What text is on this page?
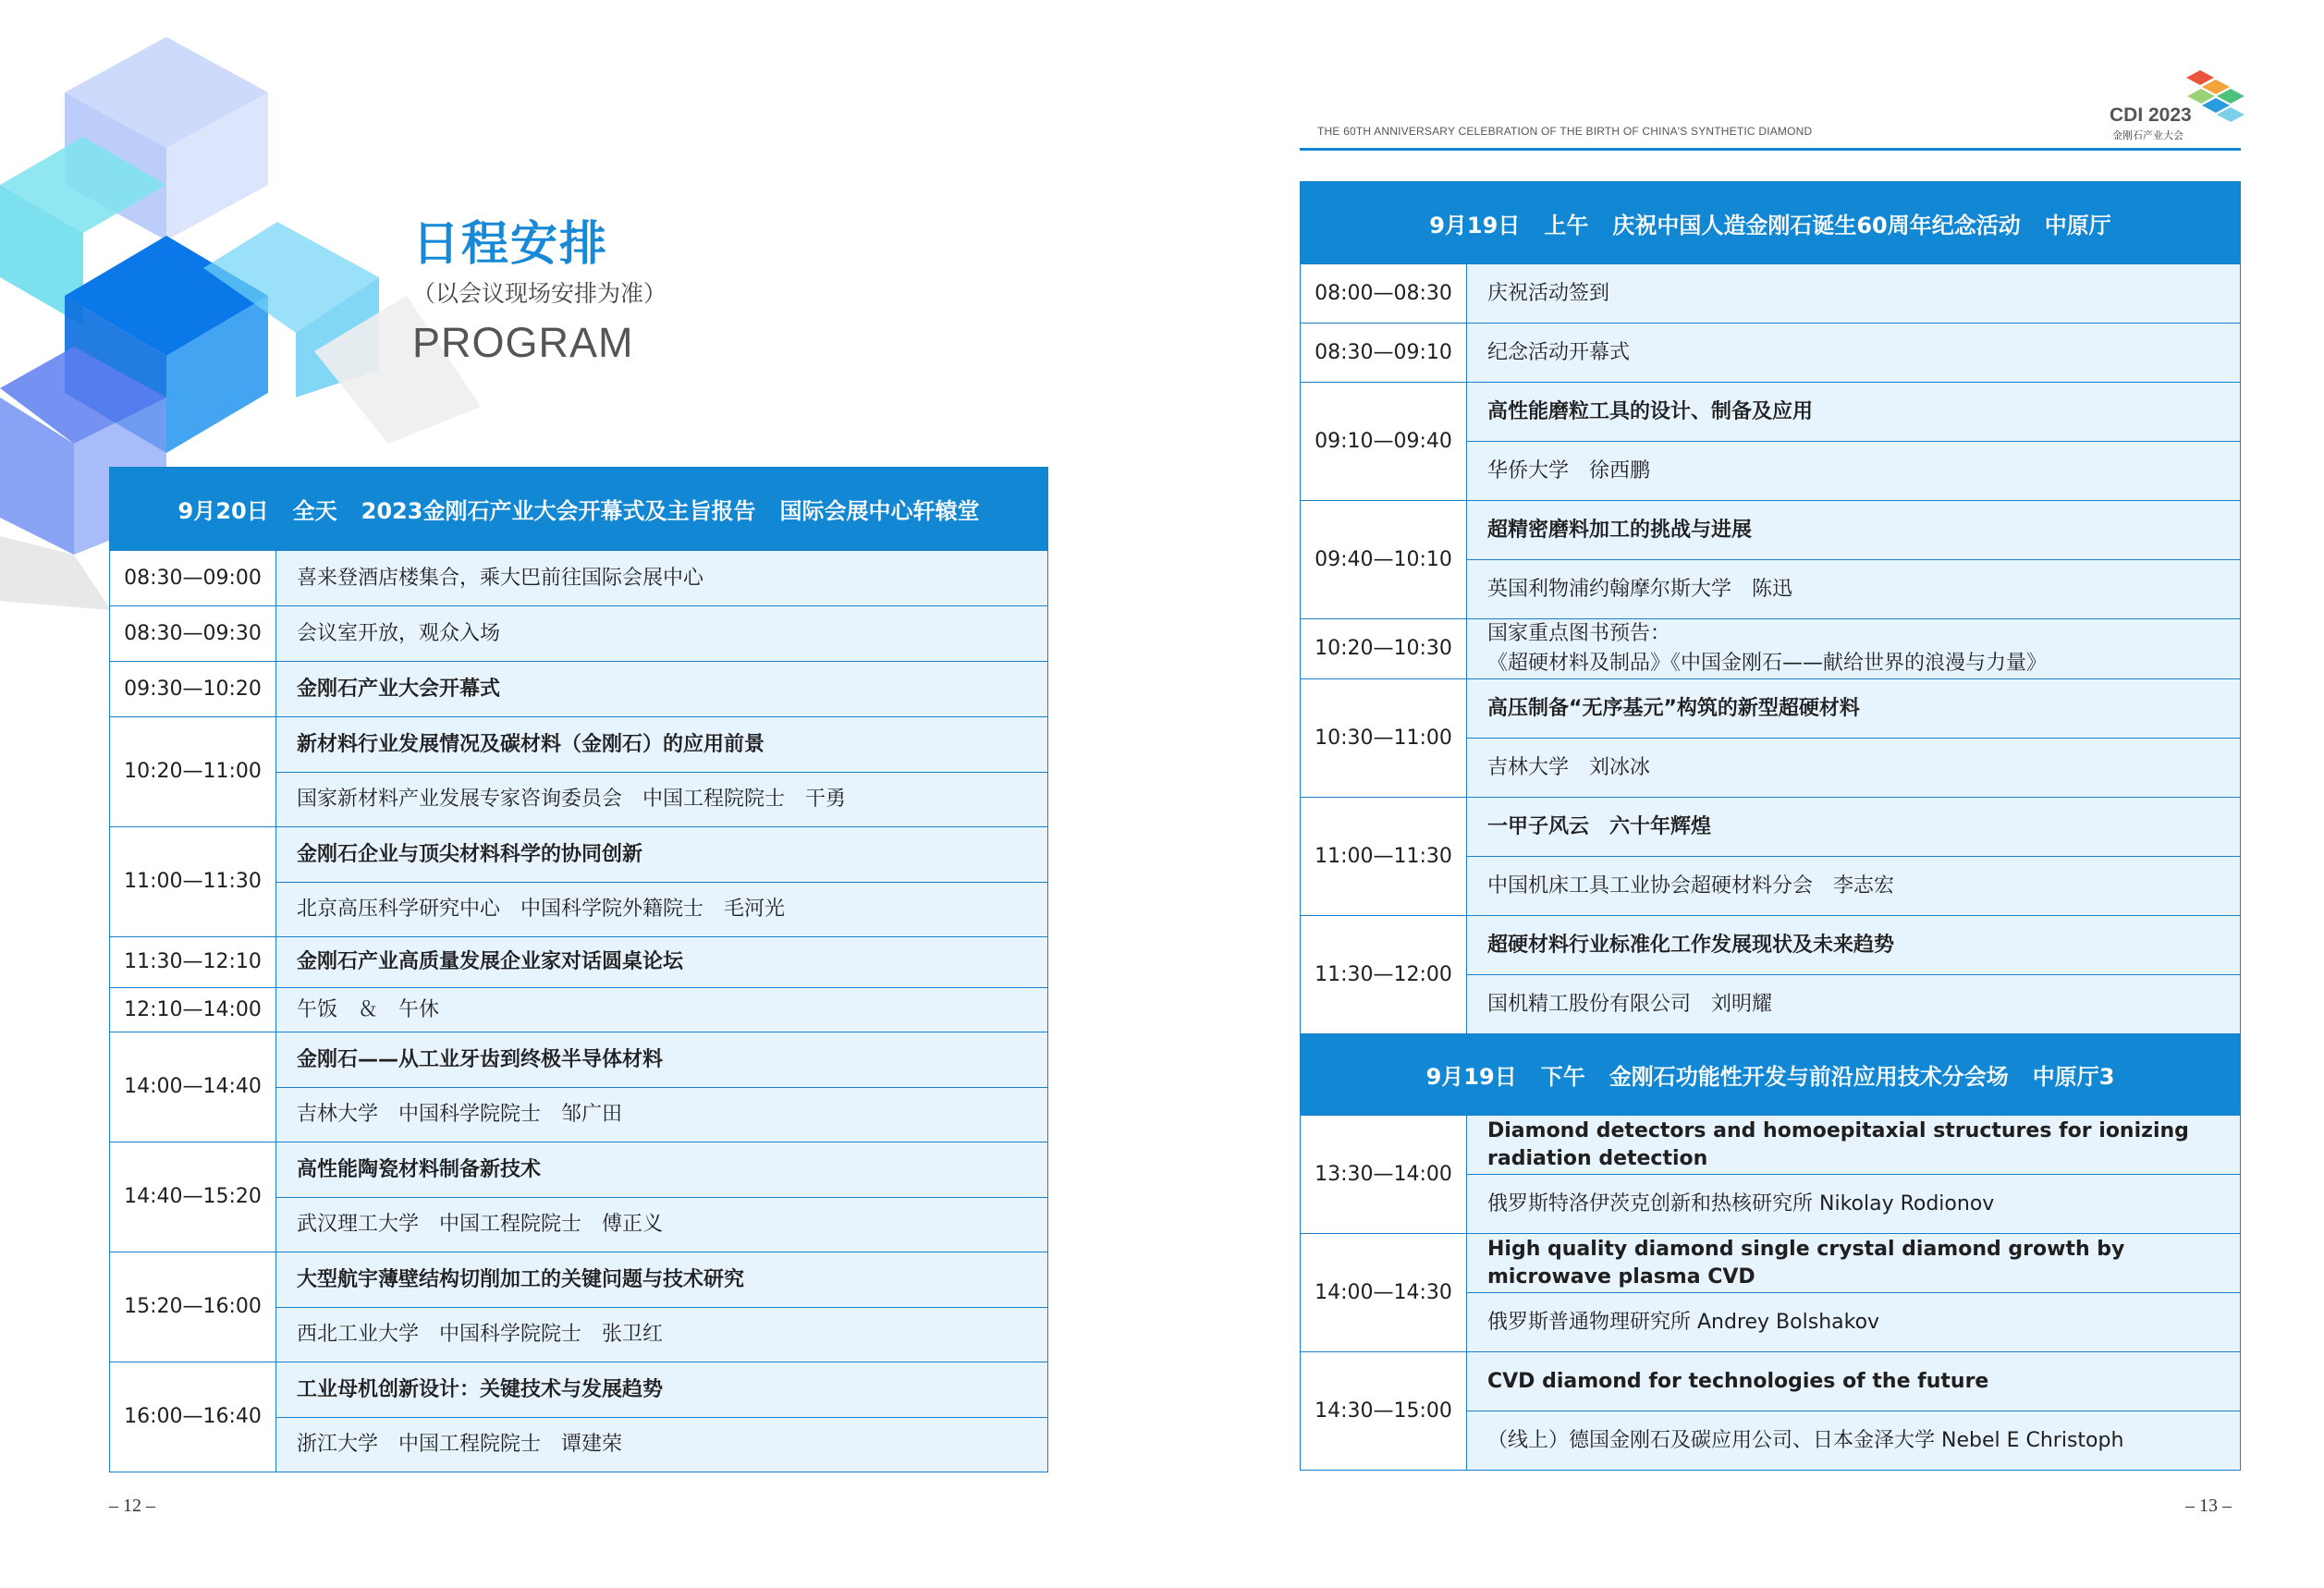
日程安排
（以会议现场安排为准）
PROGRAM
9月20日 全天 2023金刚石产业大会开幕式及主旨报告 国际会展中心轩辕堂	
08:30—09:00	喜来登酒店楼集合，乘大巴前往国际会展中心
08:30—09:30	会议室开放，观众入场
09:30—10:20	金刚石产业大会开幕式
10:20—11:00	新材料行业发展情况及碳材料（金刚石）的应用前景
	国家新材料产业发展专家咨询委员会　中国工程院院士　干勇
11:00—11:30	金刚石企业与顶尖材料科学的协同创新
	北京高压科学研究中心　中国科学院外籍院士　毛河光
11:30—12:10	金刚石产业高质量发展企业家对话圆桌论坛
12:10—14:00	午饭　＆　午休
14:00—14:40	金刚石——从工业牙齿到终极半导体材料
	吉林大学　中国科学院院士　邹广田
14:40—15:20	高性能陶瓷材料制备新技术
	武汉理工大学　中国工程院院士　傅正义
15:20—16:00	大型航宇薄壁结构切削加工的关键问题与技术研究
	西北工业大学　中国科学院院士　张卫红
16:00—16:40	工业母机创新设计：关键技术与发展趋势
	浙江大学　中国工程院院士　谭建荣
– 12 –
THE 60TH ANNIVERSARY CELEBRATION OF THE BIRTH OF CHINA'S SYNTHETIC DIAMOND
CDI 2023
金刚石产业大会
9月19日 上午 庆祝中国人造金刚石诞生60周年纪念活动 中原厅	
08:00—08:30	庆祝活动签到
08:30—09:10	纪念活动开幕式
09:10—09:40	高性能磨粒工具的设计、制备及应用
	华侨大学　徐西鹏
09:40—10:10	超精密磨料加工的挑战与进展
	英国利物浦约翰摩尔斯大学　陈迅
10:20—10:30	国家重点图书预告：
《超硬材料及制品》《中国金刚石——献给世界的浪漫与力量》

10:30—11:00	高压制备“无序基元”构筑的新型超硬材料
	吉林大学　刘冰冰
11:00—11:30	一甲子风云　六十年辉煌
	中国机床工具工业协会超硬材料分会　李志宏
11:30—12:00	超硬材料行业标准化工作发展现状及未来趋势
	国机精工股份有限公司　刘明耀
9月19日 下午 金刚石功能性开发与前沿应用技术分会场 中原厅3	
13:30—14:00	Diamond detectors and homoepitaxial structures for ionizing radiation detection
	俄罗斯特洛伊茨克创新和热核研究所 Nikolay Rodionov
14:00—14:30	High quality diamond single crystal diamond growth by microwave plasma CVD
	俄罗斯普通物理研究所 Andrey Bolshakov
14:30—15:00	CVD diamond for technologies of the future
	（线上）德国金刚石及碳应用公司、日本金泽大学 Nebel E Christoph
– 13 –
